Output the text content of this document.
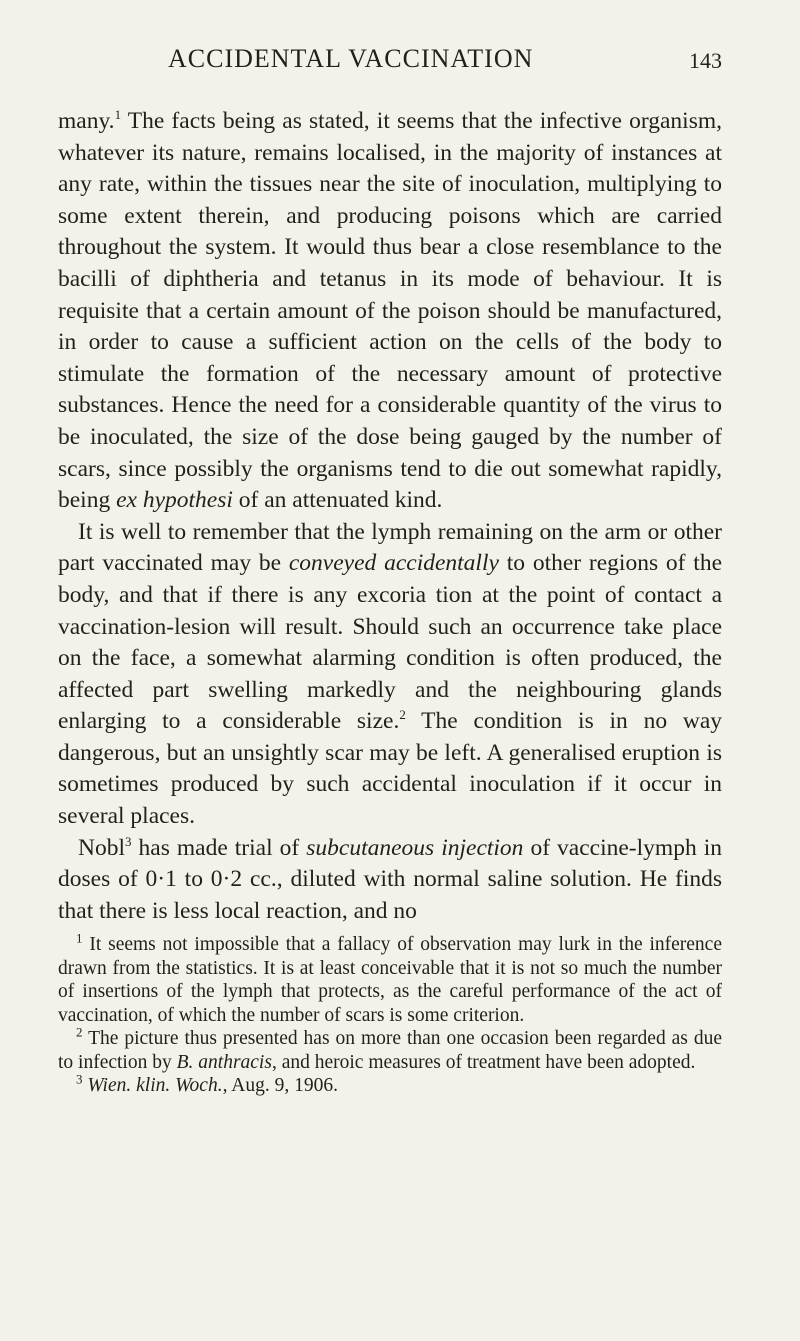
ACCIDENTAL VACCINATION	143

many.$^1$ The facts being as stated, it seems that the infective organism, whatever its nature, remains localised, in the majority of instances at any rate, within the tissues near the site of inoculation, multiplying to some extent therein, and producing poisons which are carried throughout the system. It would thus bear a close resemblance to the bacilli of diphtheria and tetanus in its mode of behaviour. It is requisite that a certain amount of the poison should be manufactured, in order to cause a sufficient action on the cells of the body to stimulate the formation of the necessary amount of protective substances. Hence the need for a considerable quantity of the virus to be inoculated, the size of the dose being gauged by the number of scars, since possibly the organisms tend to die out somewhat rapidly, being ex hypothesi of an attenuated kind.

It is well to remember that the lymph remaining on the arm or other part vaccinated may be conveyed accidentally to other regions of the body, and that if there is any excoria tion at the point of contact a vaccination-lesion will result. Should such an occurrence take place on the face, a somewhat alarming condition is often produced, the affected part swelling markedly and the neighbouring glands enlarging to a considerable size.$^2$ The condition is in no way dangerous, but an unsightly scar may be left. A generalised eruption is sometimes produced by such accidental inoculation if it occur in several places.

Nobl$^3$ has made trial of subcutaneous injection of vaccine-lymph in doses of 0·1 to 0·2 cc., diluted with normal saline solution. He finds that there is less local reaction, and no

$^1$ It seems not impossible that a fallacy of observation may lurk in the inference drawn from the statistics. It is at least conceivable that it is not so much the number of insertions of the lymph that protects, as the careful performance of the act of vaccination, of which the number of scars is some criterion.

$^2$ The picture thus presented has on more than one occasion been regarded as due to infection by B. anthracis, and heroic measures of treatment have been adopted.

$^3$ Wien. klin. Woch., Aug. 9, 1906.
